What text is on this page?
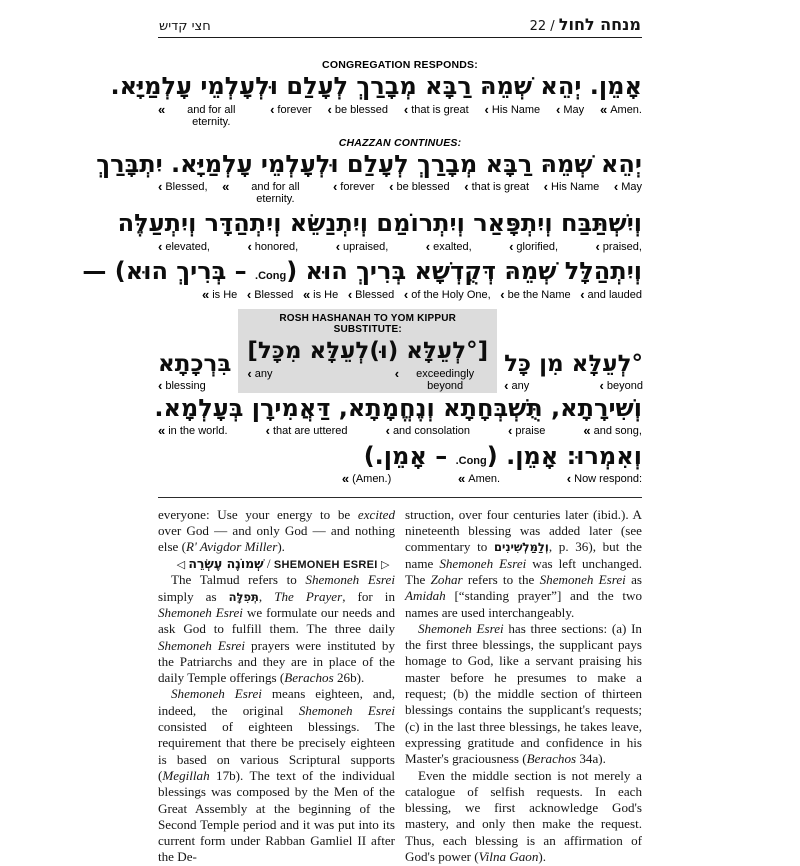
חצי קדיש	מנחה לחול / 22
CONGREGATION RESPONDS:
אָמֵן. יְהֵא שְׁמֵהּ רַבָּא מְבָרַךְ לְעָלַם וּלְעָלְמֵי עָלְמַיָּא.
«	and for all eternity.
‹ forever ‹ be blessed ‹ that is great ‹ His Name ‹ May « Amen.
CHAZZAN CONTINUES:
יְהֵא שְׁמֵהּ רַבָּא מְבָרַךְ לְעָלַם וּלְעָלְמֵי עָלְמַיָּא. יִתְבָּרַךְ
‹ Blessed, «	and for all eternity.
‹ forever ‹ be blessed ‹ that is great ‹ His Name ‹ May
וְיִשְׁתַּבַּח וְיִתְפָּאַר וְיִתְרוֹמַם וְיִתְנַשֵּׂא וְיִתְהַדָּר וְיִתְעַלֶּה
‹ elevated,	‹ honored,	‹ upraised,	‹ exalted,	‹ glorified,	‹ praised,
וְיִתְהַלָּל שְׁמֵהּ דְּקֻדְשָׁא בְּרִיךְ הוּא (Cong. – בְּרִיךְ הוּא) —
« is He ‹ Blessed « is He ‹ Blessed ‹ of the Holy One, ‹ be the Name ‹ and lauded
בִּרְכָתָא
‹ blessing
ROSH HASHANAH TO YOM KIPPUR SUBSTITUTE:
[‏°לְעֵלָּא (וּ)לְעֵלָּא מִכָּל]
‹ any	‹	exceedingly beyond
‏°לְעֵלָּא מִן כָּל
‹ any	‹ beyond
וְשִׁירָתָא, תֻּשְׁבְּחָתָא וְנֶחֱמָתָא, דַּאֲמִירָן בְּעָלְמָא.
« in the world.	‹ that are uttered	‹ and consolation	‹ praise	« and song,
וְאִמְרוּ: אָמֵן. (Cong. – אָמֵן.)
« (Amen.)	« Amen.	‹ Now respond:

everyone: Use your energy to be excited over God — and only God — and nothing else (R' Avigdor Miller).

◁ שְׁמוֹנֶה עֶשְׂרֵה / SHEMONEH ESREI ▷

The Talmud refers to Shemoneh Esrei simply as תְּפִלָּה, The Prayer, for in Shemoneh Esrei we formulate our needs and ask God to fulfill them. The three daily Shemoneh Esrei prayers were instituted by the Patriarchs and they are in place of the daily Temple offerings (Berachos 26b).

Shemoneh Esrei means eighteen, and, indeed, the original Shemoneh Esrei consisted of eighteen blessings. The requirement that there be precisely eighteen is based on various Scriptural supports (Megillah 17b). The text of the individual blessings was composed by the Men of the Great Assembly at the beginning of the Second Temple period and it was put into its current form under Rabban Gamliel II after the De-

struction, over four centuries later (ibid.). A nineteenth blessing was added later (see commentary to וְלַמַּלְשִׁינִים, p. 36), but the name Shemoneh Esrei was left unchanged. The Zohar refers to the Shemoneh Esrei as Amidah [“standing prayer”] and the two names are used interchangeably.

Shemoneh Esrei has three sections: (a) In the first three blessings, the supplicant pays homage to God, like a servant praising his master before he presumes to make a request; (b) the middle section of thirteen blessings contains the supplicant's requests; (c) in the last three blessings, he takes leave, expressing gratitude and confidence in his Master's graciousness (Berachos 34a).

Even the middle section is not merely a catalogue of selfish requests. In each blessing, we first acknowledge God's mastery, and only then make the request. Thus, each blessing is an affirmation of God's power (Vilna Gaon).
